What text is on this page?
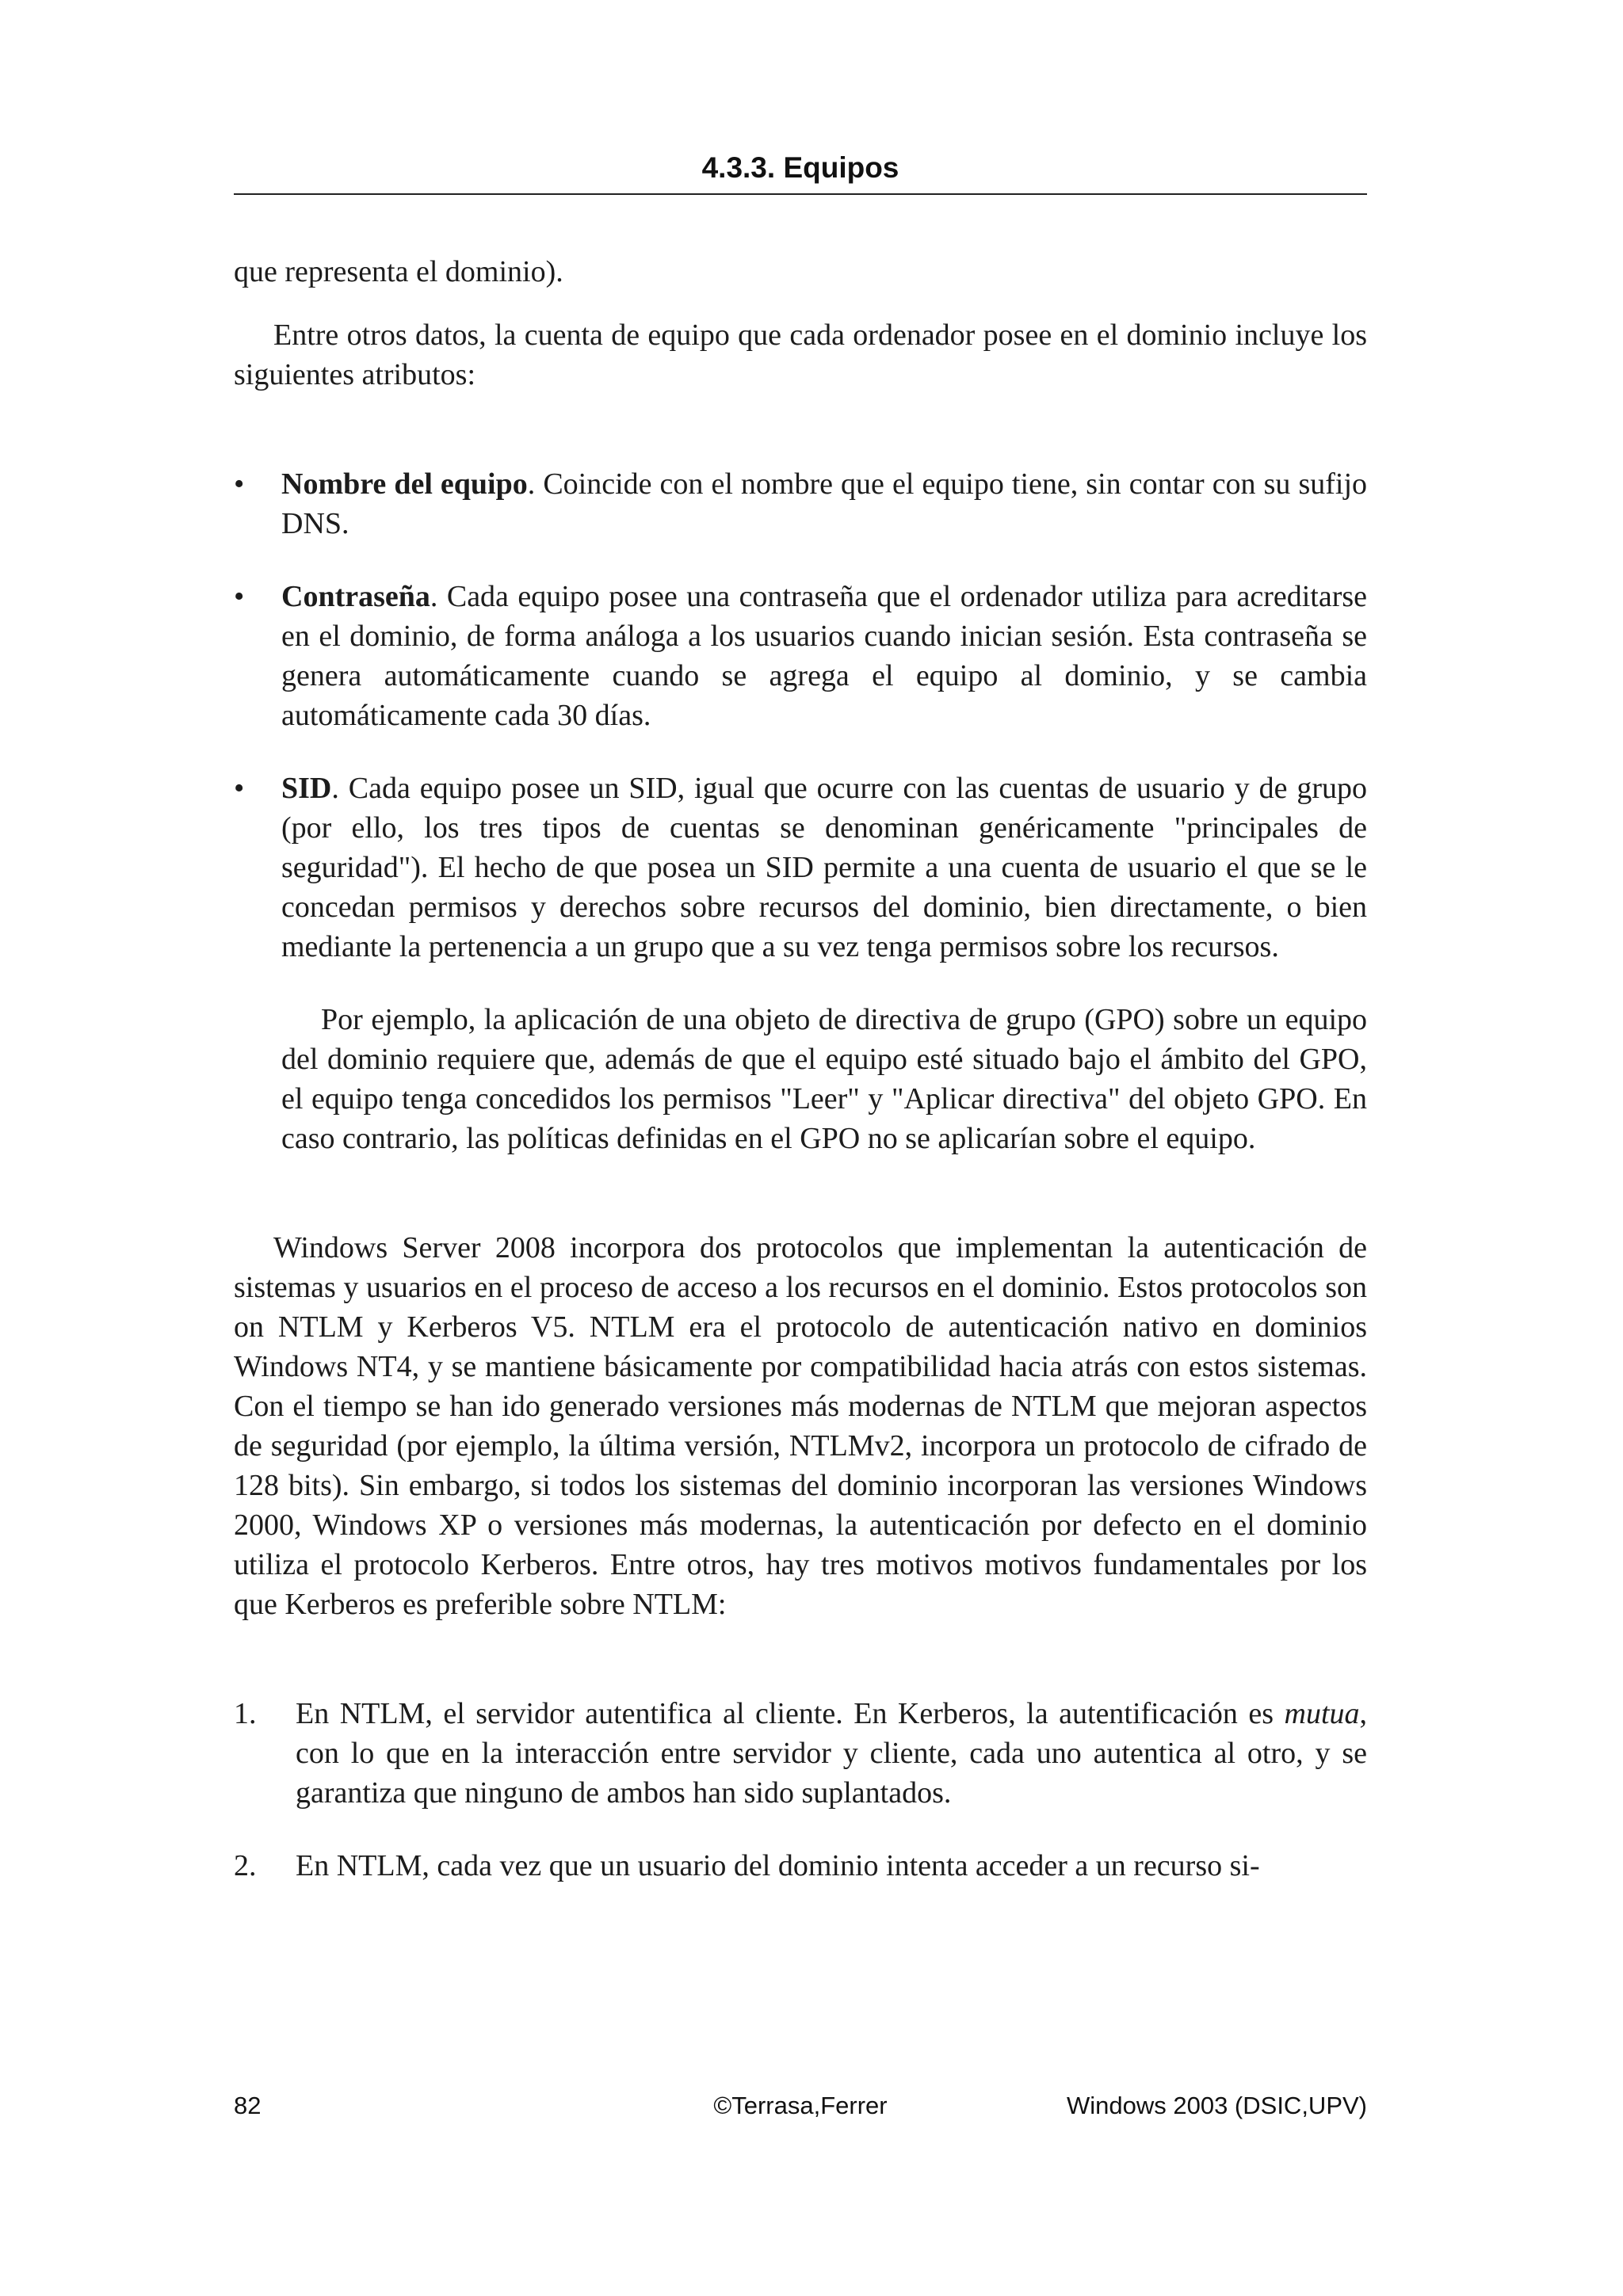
4.3.3. Equipos

que representa el dominio).

Entre otros datos, la cuenta de equipo que cada ordenador posee en el dominio incluye los siguientes atributos:

•	Nombre del equipo. Coincide con el nombre que el equipo tiene, sin contar con su sufijo DNS.
•	Contraseña. Cada equipo posee una contraseña que el ordenador utiliza para acreditarse en el dominio, de forma análoga a los usuarios cuando inician sesión. Esta contraseña se genera automáticamente cuando se agrega el equipo al dominio, y se cambia automáticamente cada 30 días.
•	SID. Cada equipo posee un SID, igual que ocurre con las cuentas de usuario y de grupo (por ello, los tres tipos de cuentas se denominan genéricamente "principales de seguridad"). El hecho de que posea un SID permite a una cuenta de usuario el que se le concedan permisos y derechos sobre recursos del dominio, bien directamente, o bien mediante la pertenencia a un grupo que a su vez tenga permisos sobre los recursos.

Por ejemplo, la aplicación de una objeto de directiva de grupo (GPO) sobre un equipo del dominio requiere que, además de que el equipo esté situado bajo el ámbito del GPO, el equipo tenga concedidos los permisos "Leer" y "Aplicar directiva" del objeto GPO. En caso contrario, las políticas definidas en el GPO no se aplicarían sobre el equipo.

Windows Server 2008 incorpora dos protocolos que implementan la autenticación de sistemas y usuarios en el proceso de acceso a los recursos en el dominio. Estos protocolos son on NTLM y Kerberos V5. NTLM era el protocolo de autenticación nativo en dominios Windows NT4, y se mantiene básicamente por compatibilidad hacia atrás con estos sistemas. Con el tiempo se han ido generado versiones más modernas de NTLM que mejoran aspectos de seguridad (por ejemplo, la última versión, NTLMv2, incorpora un protocolo de cifrado de 128 bits). Sin embargo, si todos los sistemas del dominio incorporan las versiones Windows 2000, Windows XP o versiones más modernas, la autenticación por defecto en el dominio utiliza el protocolo Kerberos. Entre otros, hay tres motivos motivos fundamentales por los que Kerberos es preferible sobre NTLM:

1.	En NTLM, el servidor autentifica al cliente. En Kerberos, la autentificación es mutua, con lo que en la interacción entre servidor y cliente, cada uno autentica al otro, y se garantiza que ninguno de ambos han sido suplantados.
2.	En NTLM, cada vez que un usuario del dominio intenta acceder a un recurso si-
82	©Terrasa,Ferrer	Windows 2003 (DSIC,UPV)
